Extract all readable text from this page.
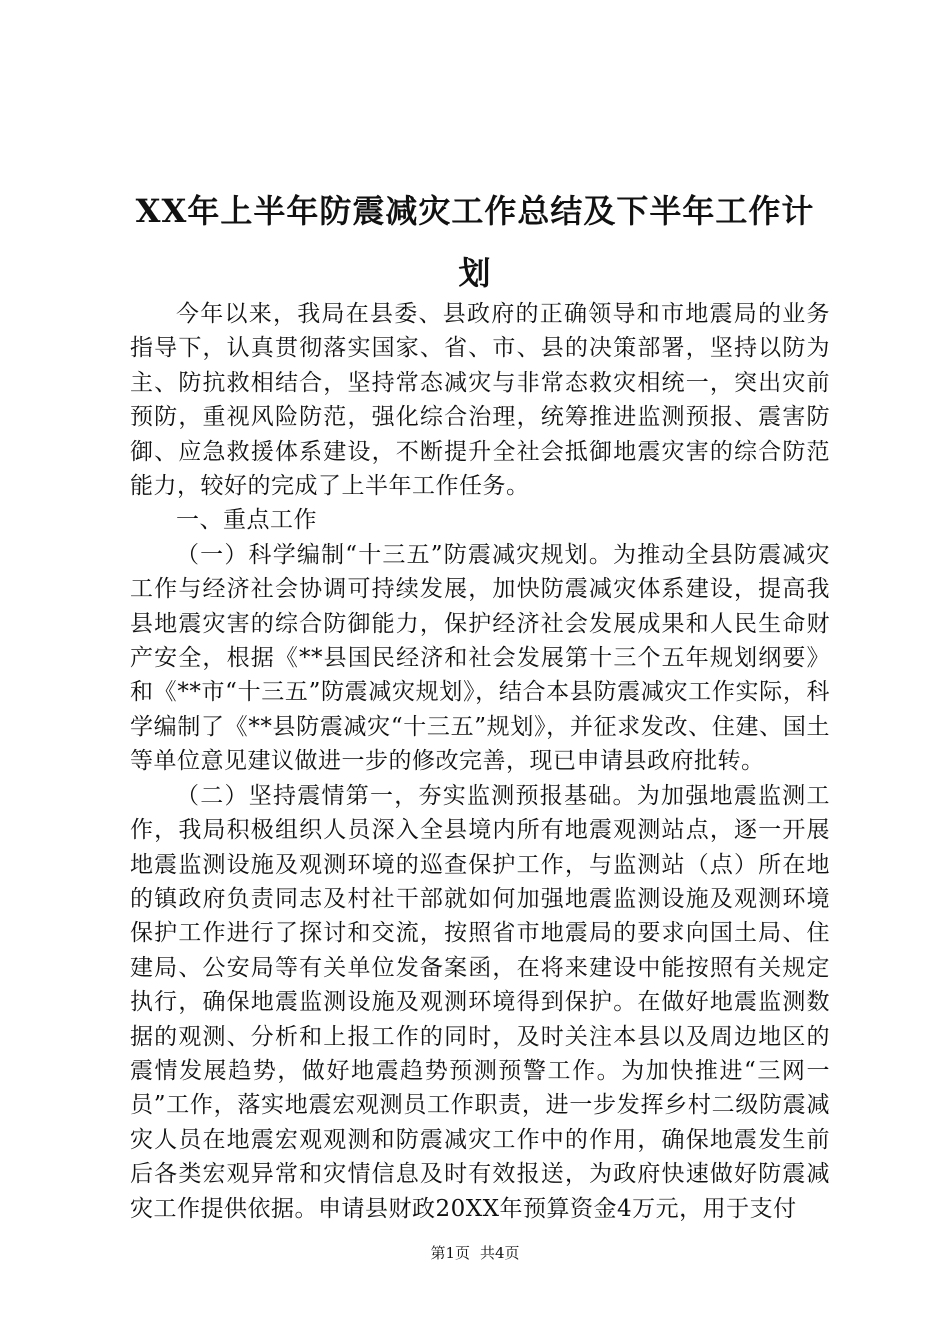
XX年上半年防震减灾工作总结及下半年工作计划

今年以来，我局在县委、县政府的正确领导和市地震局的业务指导下，认真贯彻落实国家、省、市、县的决策部署，坚持以防为主、防抗救相结合，坚持常态减灾与非常态救灾相统一，突出灾前预防，重视风险防范，强化综合治理，统筹推进监测预报、震害防御、应急救援体系建设，不断提升全社会抵御地震灾害的综合防范能力，较好的完成了上半年工作任务。

一、重点工作

（一）科学编制“十三五”防震减灾规划。为推动全县防震减灾工作与经济社会协调可持续发展，加快防震减灾体系建设，提高我县地震灾害的综合防御能力，保护经济社会发展成果和人民生命财产安全，根据《**县国民经济和社会发展第十三个五年规划纲要》和《**市“十三五”防震减灾规划》，结合本县防震减灾工作实际，科学编制了《**县防震减灾“十三五”规划》，并征求发改、住建、国土等单位意见建议做进一步的修改完善，现已申请县政府批转。

（二）坚持震情第一，夯实监测预报基础。为加强地震监测工作，我局积极组织人员深入全县境内所有地震观测站点，逐一开展地震监测设施及观测环境的巡查保护工作，与监测站（点）所在地的镇政府负责同志及村社干部就如何加强地震监测设施及观测环境保护工作进行了探讨和交流，按照省市地震局的要求向国土局、住建局、公安局等有关单位发备案函，在将来建设中能按照有关规定执行，确保地震监测设施及观测环境得到保护。在做好地震监测数据的观测、分析和上报工作的同时，及时关注本县以及周边地区的震情发展趋势，做好地震趋势预测预警工作。为加快推进“三网一员”工作，落实地震宏观测员工作职责，进一步发挥乡村二级防震减灾人员在地震宏观观测和防震减灾工作中的作用，确保地震发生前后各类宏观异常和灾情信息及时有效报送，为政府快速做好防震减灾工作提供依据。申请县财政20XX年预算资金4万元，用于支付

第1页 共4页
